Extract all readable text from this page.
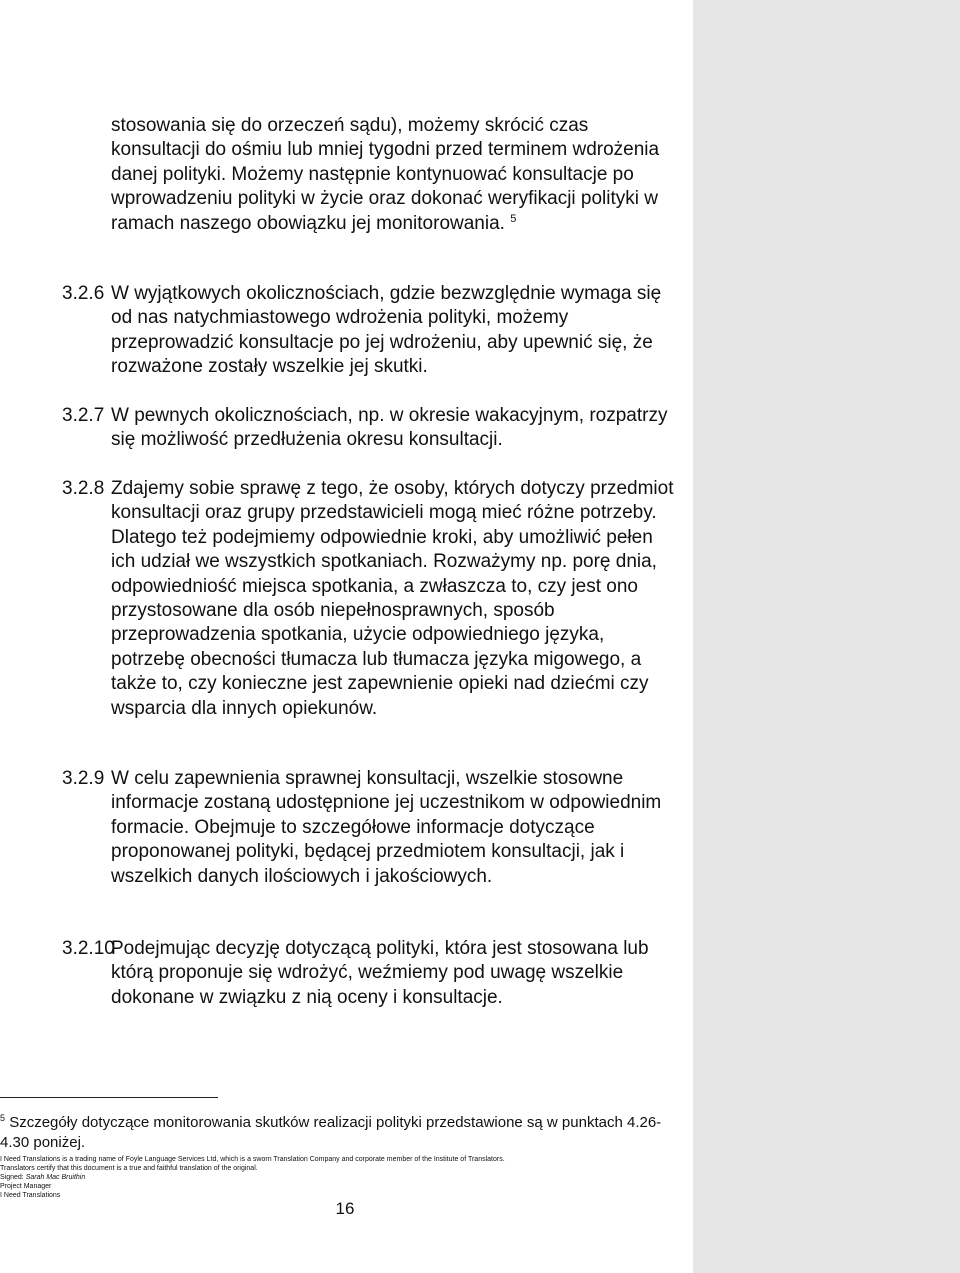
stosowania się do orzeczeń sądu), możemy skrócić czas konsultacji do ośmiu lub mniej tygodni przed terminem wdrożenia danej polityki. Możemy następnie kontynuować konsultacje po wprowadzeniu polityki w życie oraz dokonać weryfikacji polityki w ramach naszego obowiązku jej monitorowania. $^5$
3.2.6 W wyjątkowych okolicznościach, gdzie bezwzględnie wymaga się od nas natychmiastowego wdrożenia polityki, możemy przeprowadzić konsultacje po jej wdrożeniu, aby upewnić się, że rozważone zostały wszelkie jej skutki.
3.2.7 W pewnych okolicznościach, np. w okresie wakacyjnym, rozpatrzy się możliwość przedłużenia okresu konsultacji.
3.2.8 Zdajemy sobie sprawę z tego, że osoby, których dotyczy przedmiot konsultacji oraz grupy przedstawicieli mogą mieć różne potrzeby. Dlatego też podejmiemy odpowiednie kroki, aby umożliwić pełen ich udział we wszystkich spotkaniach. Rozważymy np. porę dnia, odpowiedniość miejsca spotkania, a zwłaszcza to, czy jest ono przystosowane dla osób niepełnosprawnych, sposób przeprowadzenia spotkania, użycie odpowiedniego języka, potrzebę obecności tłumacza lub tłumacza języka migowego, a także to, czy konieczne jest zapewnienie opieki nad dziećmi czy wsparcia dla innych opiekunów.
3.2.9 W celu zapewnienia sprawnej konsultacji, wszelkie stosowne informacje zostaną udostępnione jej uczestnikom w odpowiednim formacie. Obejmuje to szczegółowe informacje dotyczące proponowanej polityki, będącej przedmiotem konsultacji, jak i wszelkich danych ilościowych i jakościowych.
3.2.10
Podejmując decyzję dotyczącą polityki, która jest stosowana lub którą proponuje się wdrożyć, weźmiemy pod uwagę wszelkie dokonane w związku z nią oceny i konsultacje.
$^5$ Szczegóły dotyczące monitorowania skutków realizacji polityki przedstawione są w punktach 4.26- 4.30 poniżej.
I Need Translations is a trading name of Foyle Language Services Ltd, which is a sworn Translation Company and corporate member of the Institute of Translators.
Translators certify that this document is a true and faithful translation of the original.
Signed: Sarah Mac Bruithin
Project Manager
I Need Translations
16
